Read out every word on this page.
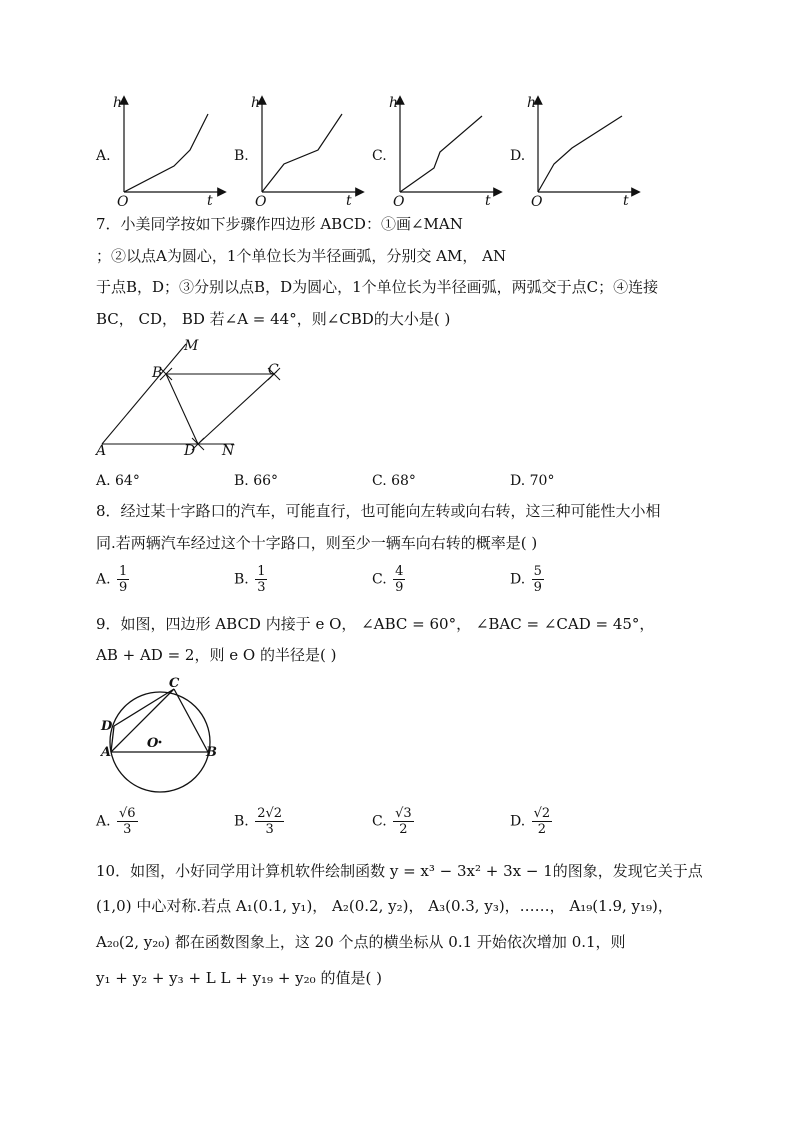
A.
h
O	t
B.
h
O	t
C.
h
O	t
D.
h
O	t
7．小美同学按如下步骤作四边形 ABCD：①画∠MAN
；②以点A为圆心，1个单位长为半径画弧，分别交 AM， AN
于点B，D；③分别以点B，D为圆心，1个单位长为半径画弧，两弧交于点C；④连接
BC， CD， BD 若∠A = 44°，则∠CBD的大小是( )
M
B	C
A	D N
A. 64°	B. 66°	C. 68°	D. 70°
8．经过某十字路口的汽车，可能直行，也可能向左转或向右转，这三种可能性大小相
同.若两辆汽车经过这个十字路口，则至少一辆车向右转的概率是( )
A. $\frac{1}{9}$	B. $\frac{1}{3}$	C. $\frac{4}{9}$	D. $\frac{5}{9}$
9．如图，四边形 ABCD 内接于 e O， ∠ABC = 60°， ∠BAC = ∠CAD = 45°，
AB + AD = 2，则 e O 的半径是( )
C
D
A
O
B
A. $\frac{√6}{3}$	B. $\frac{2√2}{3}$	C. $\frac{√3}{2}$	D. $\frac{√2}{2}$
10．如图，小好同学用计算机软件绘制函数 y = x³ − 3x² + 3x − 1的图象，发现它关于点
(1,0) 中心对称.若点 A₁(0.1, y₁)， A₂(0.2, y₂)， A₃(0.3, y₃)，……， A₁₉(1.9, y₁₉)，
A₂₀(2, y₂₀) 都在函数图象上，这 20 个点的横坐标从 0.1 开始依次增加 0.1，则
y₁ + y₂ + y₃ + L L + y₁₉ + y₂₀ 的值是( )
